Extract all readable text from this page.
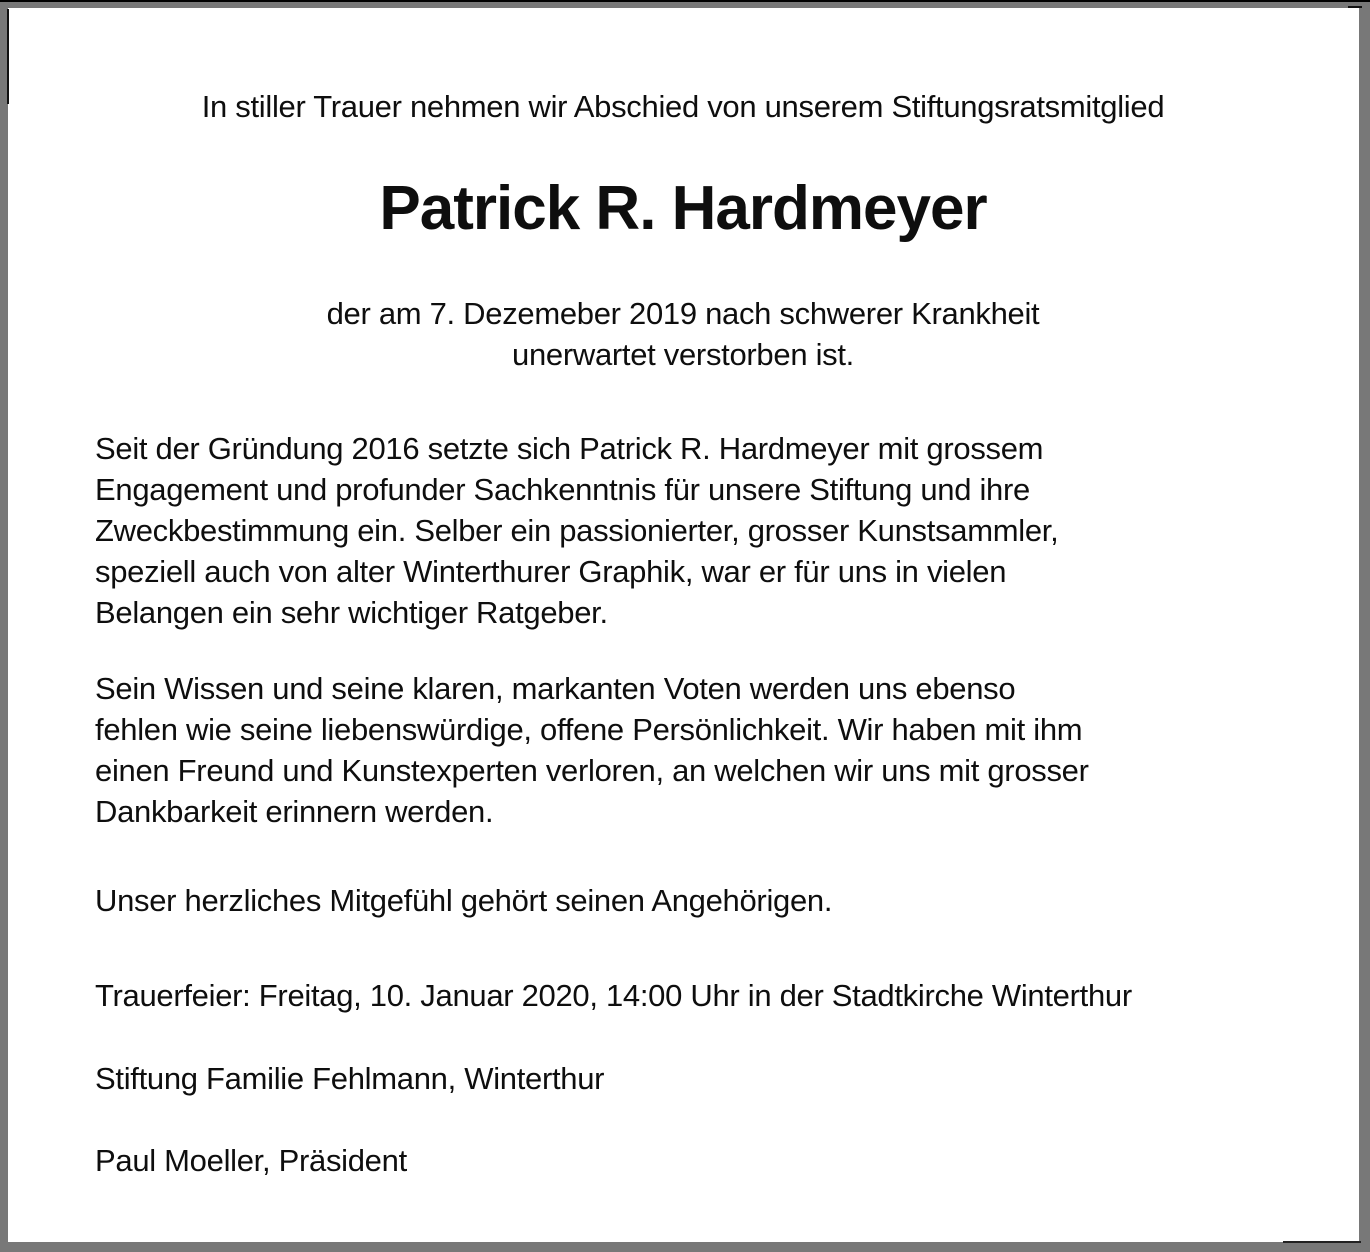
In stiller Trauer nehmen wir Abschied von unserem Stiftungsratsmitglied
Patrick R. Hardmeyer
der am 7. Dezemeber 2019 nach schwerer Krankheit
unerwartet verstorben ist.
Seit der Gründung 2016 setzte sich Patrick R. Hardmeyer mit grossem
Engagement und profunder Sachkenntnis für unsere Stiftung und ihre
Zweckbestimmung ein. Selber ein passionierter, grosser Kunstsammler,
speziell auch von alter Winterthurer Graphik, war er für uns in vielen
Belangen ein sehr wichtiger Ratgeber.
Sein Wissen und seine klaren, markanten Voten werden uns ebenso
fehlen wie seine liebenswürdige, offene Persönlichkeit. Wir haben mit ihm
einen Freund und Kunstexperten verloren, an welchen wir uns mit grosser
Dankbarkeit erinnern werden.
Unser herzliches Mitgefühl gehört seinen Angehörigen.
Trauerfeier: Freitag, 10. Januar 2020, 14:00 Uhr in der Stadtkirche Winterthur
Stiftung Familie Fehlmann, Winterthur
Paul Moeller, Präsident
